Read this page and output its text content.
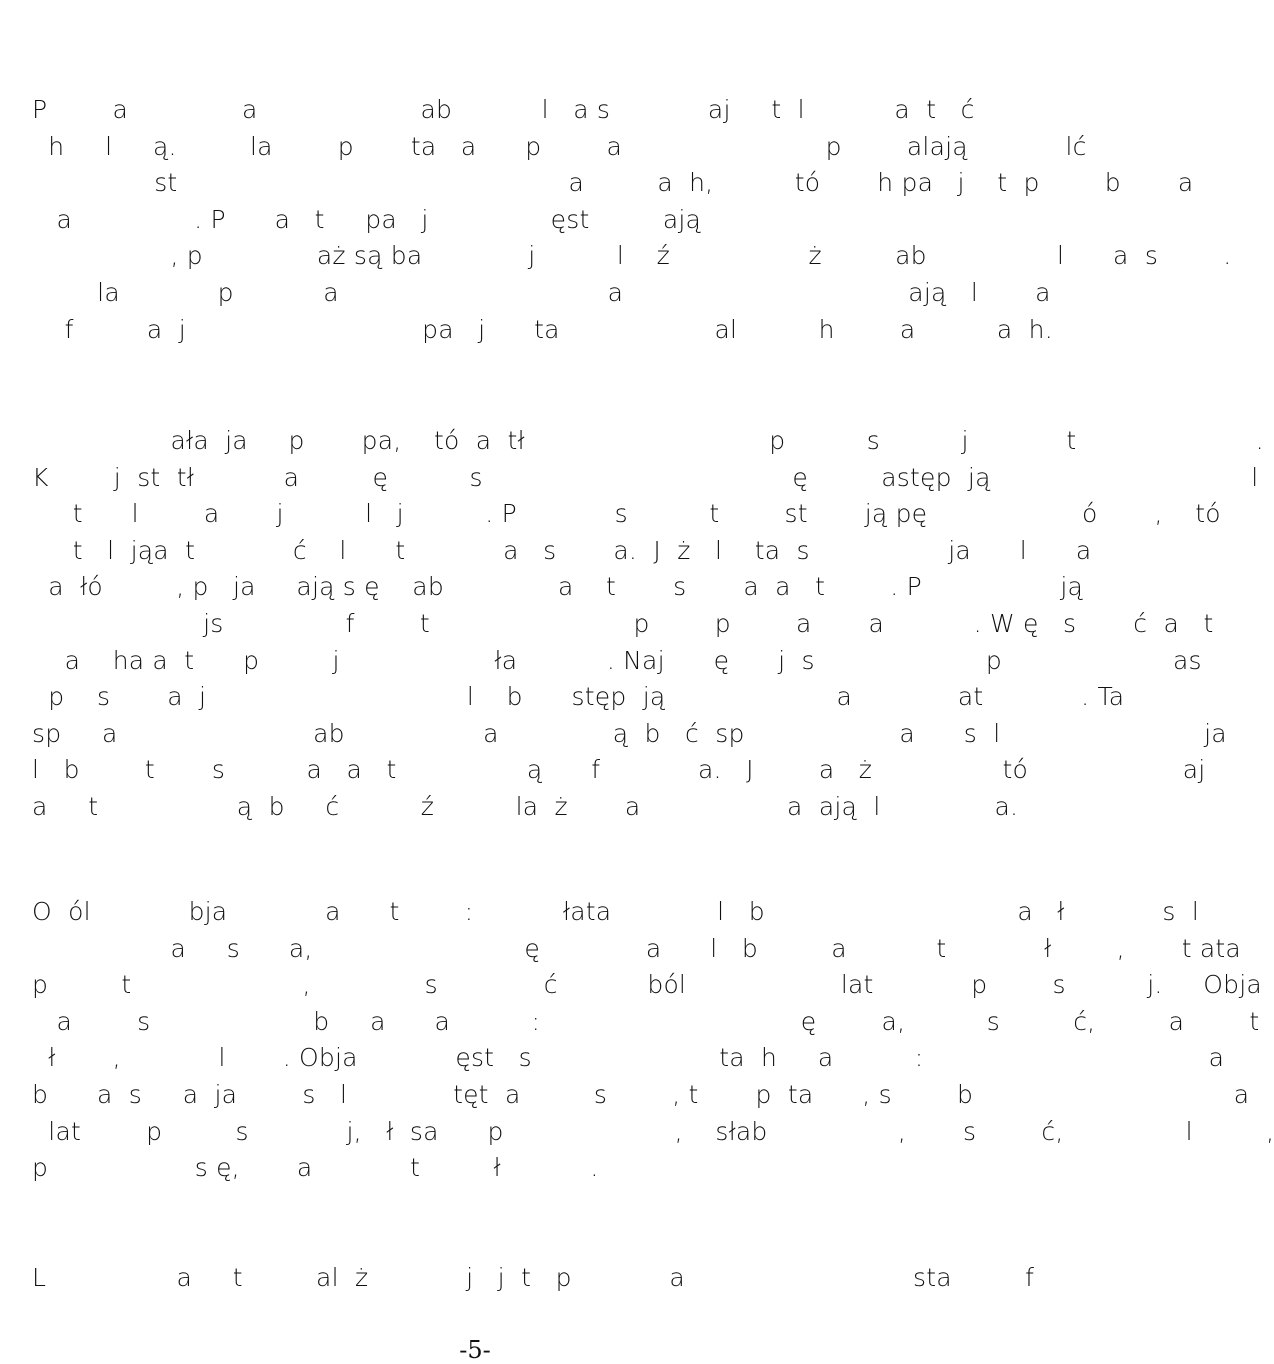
P        a              a                    ab           l   a s            aj     t  l           a  t   ć
h     l     ą.         la        p       ta   a      p        a                         p        alają            lć
st                                                a         a  h,          tó       h pa   j    t  p        b       a
a               . P      a   t     pa   j               ęst         ają
, p              aż są ba             j          l    ź                 ż         ab                l      a  s        .
la            p           a                                 a                                   ają   l       a
f         a  j                             pa   j      ta                   al          h        a          a  h.
ała  ja     p       pa,    tó  a  tł                              p          s          j            t                      .
K        j  st  tł           a         ę          s                                      ę         astęp  ją                                l
t      l        a       j          l   j          . P            s          t        st       ją pę                   ó       ,    tó
t   l  jąa  t            ć    l      t            a   s       a.  J  ż   l    ta  s                 ja      l      a
a  łó         , p   ja     ają s ę    ab              a    t       s       a  a   t        . P                 ją
js               f        t                         p        p        a       a           . W ę   s       ć  a   t
a    ha a  t      p         j                   ła           . Naj      ę      j  s                     p                     as
p    s       a  j                                l    b      stęp  ją                     a             at            . Ta
sp     a                        ab                 a              ą  b   ć  sp                   a      s  l                         ja
l   b        t       s          a   a   t                ą      f            a.   J        a   ż                tó                   aj
a     t                 ą  b     ć          ź          la  ż       a                  a  ają  l              a.
O  ól            bja            a      t        :           łata             l   b                               a   ł            s  l
a     s      a,                          ę             a      l   b         a           t            ł        ,       t ata
p         t                     ,              s             ć           ból                   lat            p        s          j.     Obja
a        s                    b     a      a          :                                ę        a,          s         ć,         a        t
ł       ,            l       . Obja            ęst   s                       ta  h     a          :                                   a
b      a  s     a  ja        s   l             tęt  a         s        , t       p  ta      , s        b                                a
lat        p         s            j,   ł  sa      p                     ,    słab                ,       s        ć,               l         ,
p                  s ę,       a            t         ł           .
L                a     t         al  ż            j   j  t   p            a                            sta         f
-5-
